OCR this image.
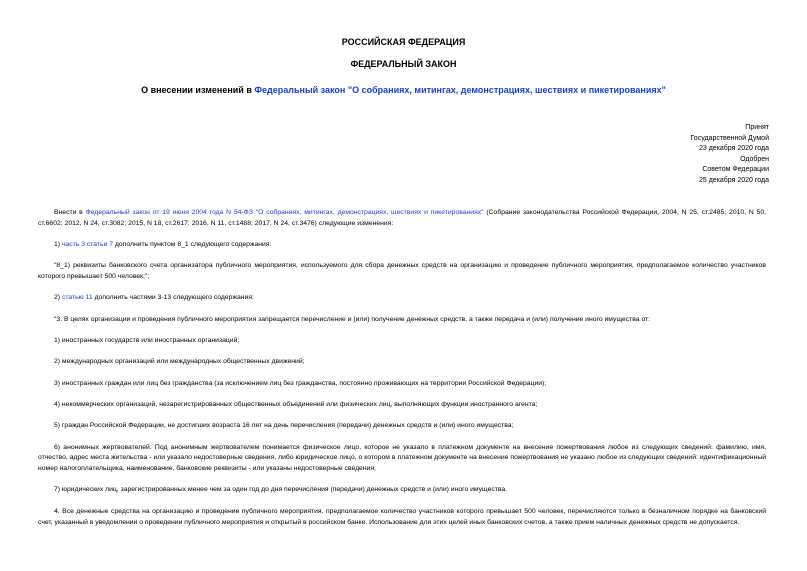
РОССИЙСКАЯ ФЕДЕРАЦИЯ
ФЕДЕРАЛЬНЫЙ ЗАКОН
О внесении изменений в Федеральный закон "О собраниях, митингах, демонстрациях, шествиях и пикетированиях"
Принят
Государственной Думой
23 декабря 2020 года
Одобрен
Советом Федерации
25 декабря 2020 года

Внести в Федеральный закон от 19 июня 2004 года N 54-ФЗ "О собраниях, митингах, демонстрациях, шествиях и пикетированиях" (Собрание законодательства Российской Федерации, 2004, N 25, ст.2485; 2010, N 50, ст.6602; 2012, N 24, ст.3082; 2015, N 18, ст.2617; 2016, N 11, ст.1488; 2017, N 24, ст.3476) следующие изменения:

1) часть 3 статьи 7 дополнить пунктом 8_1 следующего содержания:

"8_1) реквизиты банковского счета организатора публичного мероприятия, используемого для сбора денежных средств на организацию и проведение публичного мероприятия, предполагаемое количество участников которого превышает 500 человек;";

2) статью 11 дополнить частями 3-13 следующего содержания:

"3. В целях организации и проведения публичного мероприятия запрещается перечисление и (или) получение денежных средств, а также передача и (или) получение иного имущества от:

1) иностранных государств или иностранных организаций;

2) международных организаций или международных общественных движений;

3) иностранных граждан или лиц без гражданства (за исключением лиц без гражданства, постоянно проживающих на территории Российской Федерации);

4) некоммерческих организаций, незарегистрированных общественных объединений или физических лиц, выполняющих функции иностранного агента;

5) граждан Российской Федерации, не достигших возраста 16 лет на день перечисления (передачи) денежных средств и (или) иного имущества;

6) анонимных жертвователей. Под анонимным жертвователем понимается физическое лицо, которое не указало в платежном документе на внесение пожертвования любое из следующих сведений: фамилию, имя, отчество, адрес места жительства - или указало недостоверные сведения, либо юридическое лицо, о котором в платежном документе на внесение пожертвования не указано любое из следующих сведений: идентификационный номер налогоплательщика, наименование, банковские реквизиты - или указаны недостоверные сведения;

7) юридических лиц, зарегистрированных менее чем за один год до дня перечисления (передачи) денежных средств и (или) иного имущества.

4. Все денежные средства на организацию и проведение публичного мероприятия, предполагаемое количество участников которого превышает 500 человек, перечисляются только в безналичном порядке на банковский счет, указанный в уведомлении о проведении публичного мероприятия и открытый в российском банке. Использование для этих целей иных банковских счетов, а также прием наличных денежных средств не допускается.
